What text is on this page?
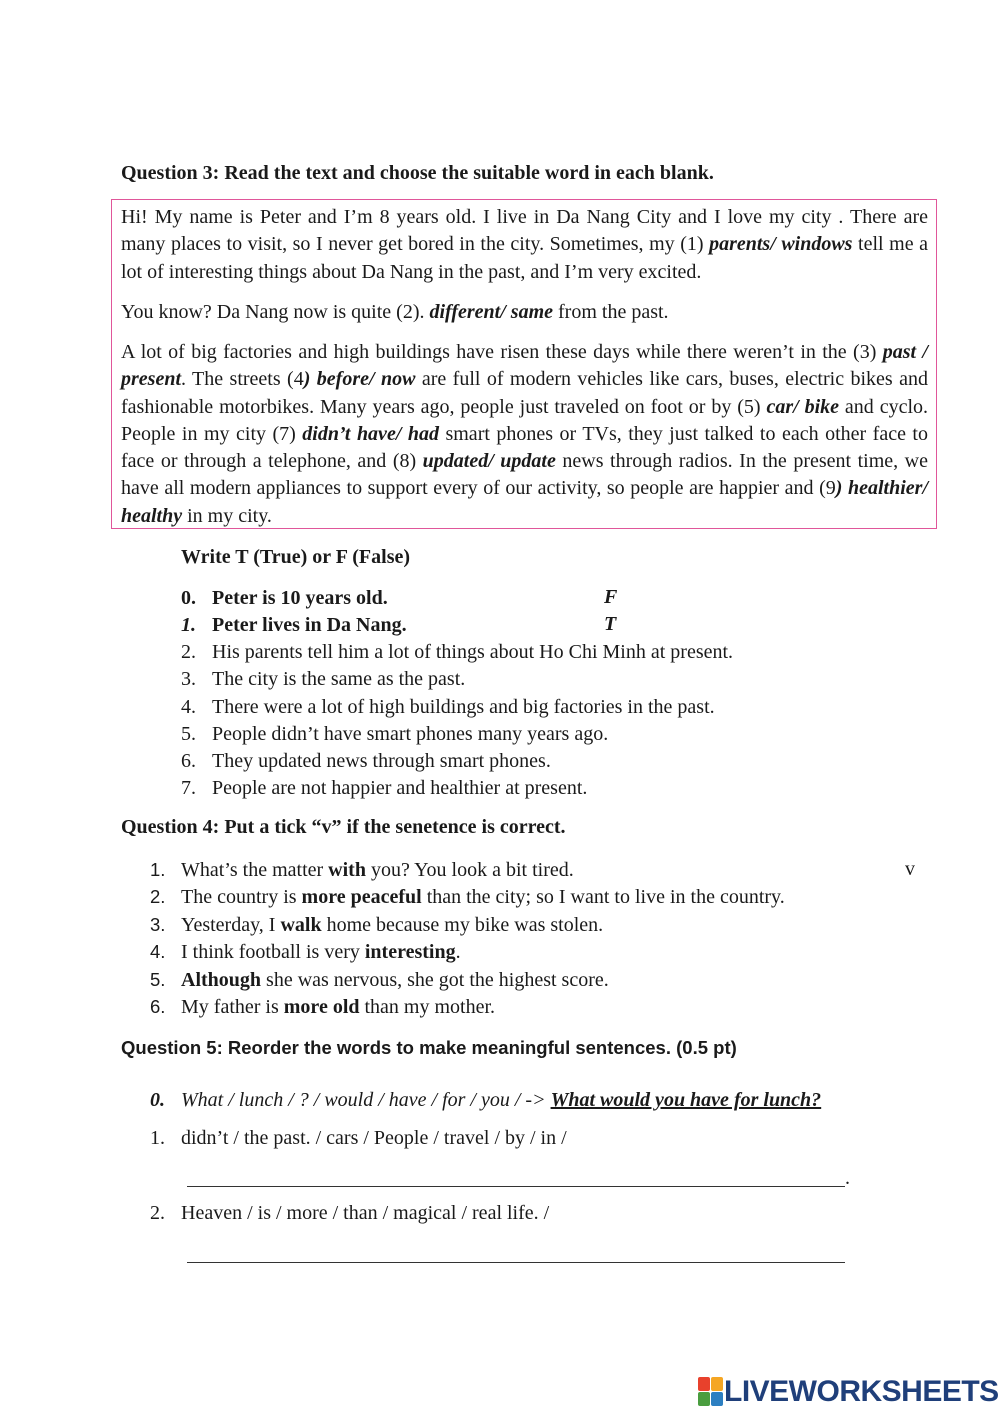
Question 3: Read the text and choose the suitable word in each blank.

Hi! My name is Peter and I’m 8 years old. I live in Da Nang City and I love my city . There are many places to visit, so I never get bored in the city. Sometimes, my (1) parents/ windows tell me a lot of interesting things about Da Nang in the past, and I’m very excited.

You know? Da Nang now is quite (2). different/ same from the past.

A lot of big factories and high buildings have risen these days while there weren’t in the (3) past / present. The streets (4) before/ now are full of modern vehicles like cars, buses, electric bikes and fashionable motorbikes. Many years ago, people just traveled on foot or by (5) car/ bike and cyclo. People in my city (7) didn’t have/ had smart phones or TVs, they just talked to each other face to face or through a telephone, and (8) updated/ update news through radios. In the present time, we have all modern appliances to support every of our activity, so people are happier and (9) healthier/ healthy in my city.

Write T (True) or F (False)
0. Peter is 10 years old.	F
1. Peter lives in Da Nang.	T
2. His parents tell him a lot of things about Ho Chi Minh at present.
3. The city is the same as the past.
4. There were a lot of high buildings and big factories in the past.
5. People didn’t have smart phones many years ago.
6. They updated news through smart phones.
7. People are not happier and healthier at present.
Question 4: Put a tick “v” if the senetence is correct.
1. What’s the matter with you? You look a bit tired.	v
2. The country is more peaceful than the city; so I want to live in the country.
3. Yesterday, I walk home because my bike was stolen.
4. I think football is very interesting.
5. Although she was nervous, she got the highest score.
6. My father is more old than my mother.
Question 5: Reorder the words to make meaningful sentences. (0.5 pt)
0. What / lunch / ? / would / have / for / you / -> What would you have for lunch?
1. didn’t / the past. / cars / People / travel / by / in /
.
2. Heaven / is / more / than / magical / real life. /
LIVEWORKSHEETS
